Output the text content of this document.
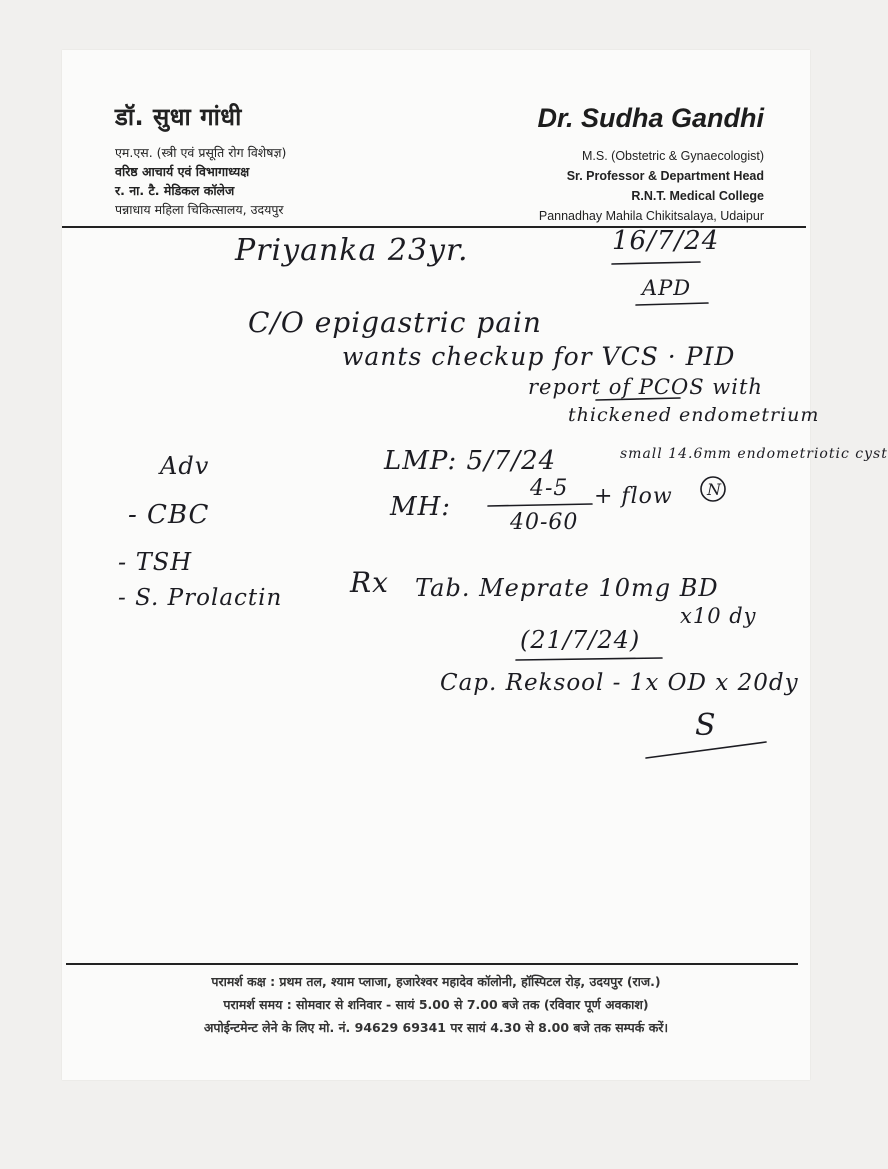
डॉ. सुधा गांधी
एम.एस. (स्त्री एवं प्रसूति रोग विशेषज्ञ)
वरिष्ठ आचार्य एवं विभागाध्यक्ष
र. ना. टै. मेडिकल कॉलेज
पन्नाधाय महिला चिकित्सालय, उदयपुर
Dr. Sudha Gandhi
M.S. (Obstetric & Gynaecologist)
Sr. Professor & Department Head
R.N.T. Medical College
Pannadhay Mahila Chikitsalaya, Udaipur
Priyanka 23yr.	16/7/24
APD
C/O epigastric pain
wants checkup for VCS · PID
report of PCOS with
thickened endometrium
Adv
- CBC
- TSH
- S. Prolactin
LMP: 5/7/24	small 14.6mm endometriotic cyst
MH:
4-5
40-60
+ flow N
Rx Tab. Meprate 10mg BD
x10 dy
(21/7/24)
Cap. Reksool - 1x OD x 20dy
S
परामर्श कक्ष : प्रथम तल, श्याम प्लाजा, हजारेश्वर महादेव कॉलोनी, हॉस्पिटल रोड़, उदयपुर (राज.)
परामर्श समय : सोमवार से शनिवार - सायं 5.00 से 7.00 बजे तक (रविवार पूर्ण अवकाश)
अपोईन्टमेन्ट लेने के लिए मो. नं. 94629 69341 पर सायं 4.30 से 8.00 बजे तक सम्पर्क करें।
